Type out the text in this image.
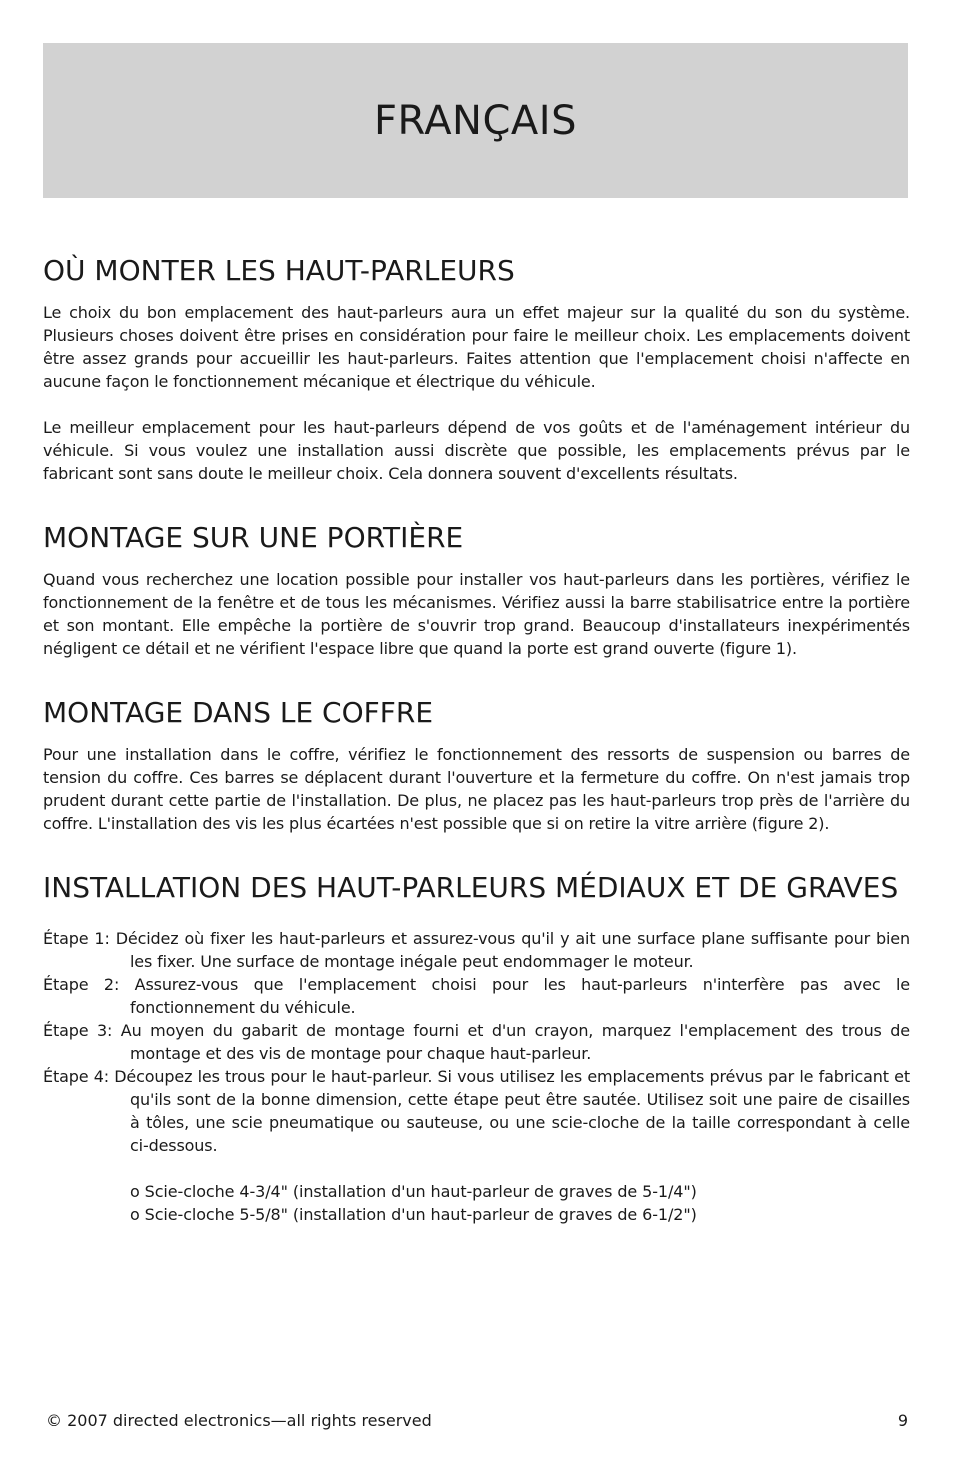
FRANÇAIS
OÙ MONTER LES HAUT-PARLEURS

Le choix du bon emplacement des haut-parleurs aura un effet majeur sur la qualité du son du système. Plusieurs choses doivent être prises en considération pour faire le meilleur choix. Les emplacements doivent être assez grands pour accueillir les haut-parleurs. Faites attention que l'emplacement choisi n'affecte en aucune façon le fonctionnement mécanique et électrique du véhicule.

Le meilleur emplacement pour les haut-parleurs dépend de vos goûts et de l'aménagement intérieur du véhicule. Si vous voulez une installation aussi discrète que possible, les emplacements prévus par le fabricant sont sans doute le meilleur choix. Cela donnera souvent d'excellents résultats.

MONTAGE SUR UNE PORTIÈRE

Quand vous recherchez une location possible pour installer vos haut-parleurs dans les portières, vérifiez le fonctionnement de la fenêtre et de tous les mécanismes. Vérifiez aussi la barre stabilisatrice entre la portière et son montant. Elle empêche la portière de s'ouvrir trop grand. Beaucoup d'installateurs inexpérimentés négligent ce détail et ne vérifient l'espace libre que quand la porte est grand ouverte (figure 1).

MONTAGE DANS LE COFFRE

Pour une installation dans le coffre, vérifiez le fonctionnement des ressorts de suspension ou barres de tension du coffre. Ces barres se déplacent durant l'ouverture et la fermeture du coffre. On n'est jamais trop prudent durant cette partie de l'installation. De plus, ne placez pas les haut-parleurs trop près de l'arrière du coffre. L'installation des vis les plus écartées n'est possible que si on retire la vitre arrière (figure 2).

INSTALLATION DES HAUT-PARLEURS MÉDIAUX ET DE GRAVES

Étape 1: Décidez où fixer les haut-parleurs et assurez-vous qu'il y ait une surface plane suffisante pour bien les fixer. Une surface de montage inégale peut endommager le moteur.

Étape 2: Assurez-vous que l'emplacement choisi pour les haut-parleurs n'interfère pas avec le fonctionnement du véhicule.

Étape 3: Au moyen du gabarit de montage fourni et d'un crayon, marquez l'emplacement des trous de montage et des vis de montage pour chaque haut-parleur.

Étape 4: Découpez les trous pour le haut-parleur. Si vous utilisez les emplacements prévus par le fabricant et qu'ils sont de la bonne dimension, cette étape peut être sautée. Utilisez soit une paire de cisailles à tôles, une scie pneumatique ou sauteuse, ou une scie-cloche de la taille correspondant à celle ci-dessous.

o Scie-cloche 4-3/4" (installation d'un haut-parleur de graves de 5-1/4")

o Scie-cloche 5-5/8" (installation d'un haut-parleur de graves de 6-1/2")

© 2007 directed electronics—all rights reserved	9
